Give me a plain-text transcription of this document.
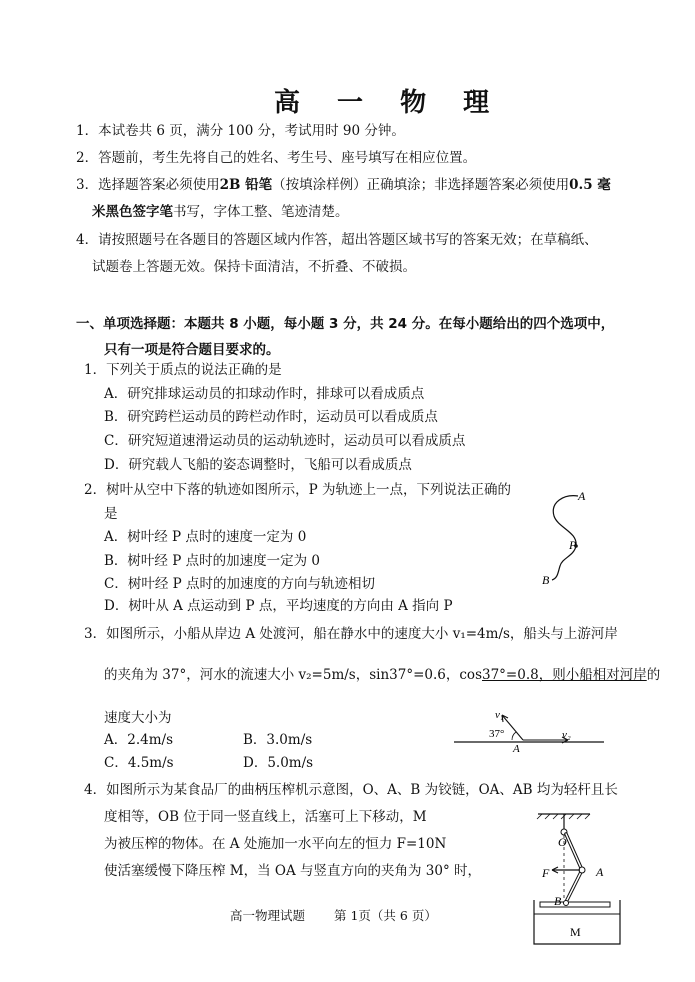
高 一 物 理
1．本试卷共 6 页，满分 100 分，考试用时 90 分钟。
2．答题前，考生先将自己的姓名、考生号、座号填写在相应位置。
3．选择题答案必须使用2B 铅笔（按填涂样例）正确填涂；非选择题答案必须使用0.5 毫
米黑色签字笔书写，字体工整、笔迹清楚。
4．请按照题号在各题目的答题区域内作答，超出答题区域书写的答案无效；在草稿纸、
试题卷上答题无效。保持卡面清洁，不折叠、不破损。
一、单项选择题：本题共 8 小题，每小题 3 分，共 24 分。在每小题给出的四个选项中，
只有一项是符合题目要求的。
1．下列关于质点的说法正确的是
A．研究排球运动员的扣球动作时，排球可以看成质点
B．研究跨栏运动员的跨栏动作时，运动员可以看成质点
C．研究短道速滑运动员的运动轨迹时，运动员可以看成质点
D．研究载人飞船的姿态调整时，飞船可以看成质点
2．树叶从空中下落的轨迹如图所示，P 为轨迹上一点，下列说法正确的
是
A．树叶经 P 点时的速度一定为 0
B．树叶经 P 点时的加速度一定为 0
C．树叶经 P 点时的加速度的方向与轨迹相切
D．树叶从 A 点运动到 P 点，平均速度的方向由 A 指向 P
A
P
B
3．如图所示，小船从岸边 A 处渡河，船在静水中的速度大小 v₁=4m/s，船头与上游河岸
的夹角为 37°，河水的流速大小 v₂=5m/s，sin37°=0.6，cos37°=0.8，则小船相对河岸的
速度大小为
A．2.4m/s	B．3.0m/s
C．4.5m/s	D．5.0m/s
v₁
v₂
37°
A
4．如图所示为某食品厂的曲柄压榨机示意图，O、A、B 为铰链，OA、AB 均为轻杆且长
度相等，OB 位于同一竖直线上，活塞可上下移动，M
为被压榨的物体。在 A 处施加一水平向左的恒力 F=10N
使活塞缓慢下降压榨 M，当 OA 与竖直方向的夹角为 30° 时，
O
F	A
B
M
高一物理试题 第 1页（共 6 页）
